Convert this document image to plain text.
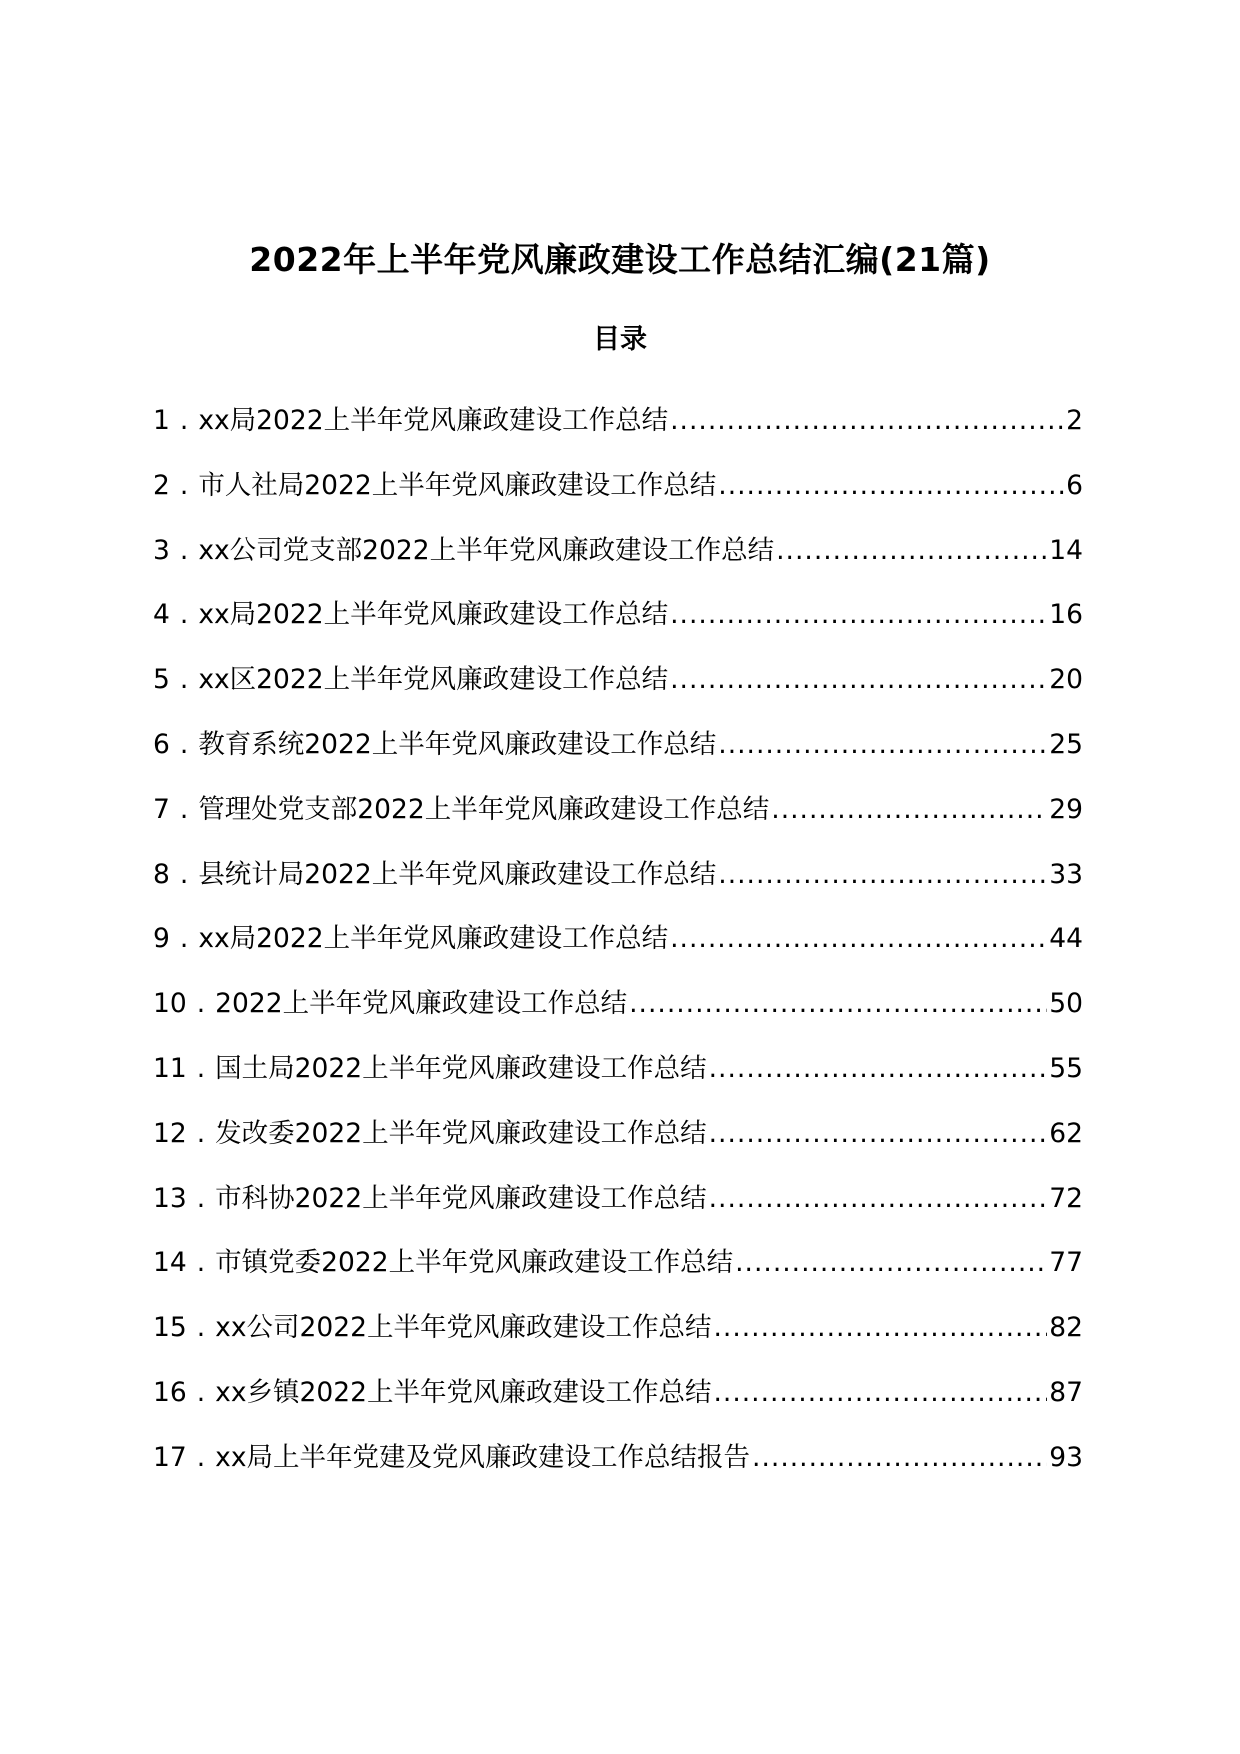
2022年上半年党风廉政建设工作总结汇编(21篇)
目录
1 . xx局2022上半年党风廉政建设工作总结 .....	2
2 . 市人社局2022上半年党风廉政建设工作总结 .....	6
3 . xx公司党支部2022上半年党风廉政建设工作总结 .....	14
4 . xx局2022上半年党风廉政建设工作总结 .....	16
5 . xx区2022上半年党风廉政建设工作总结 .....	20
6 . 教育系统2022上半年党风廉政建设工作总结 .....	25
7 . 管理处党支部2022上半年党风廉政建设工作总结 .....	29
8 . 县统计局2022上半年党风廉政建设工作总结 .....	33
9 . xx局2022上半年党风廉政建设工作总结 .....	44
10 . 2022上半年党风廉政建设工作总结 .....	50
11 . 国土局2022上半年党风廉政建设工作总结 .....	55
12 . 发改委2022上半年党风廉政建设工作总结 .....	62
13 . 市科协2022上半年党风廉政建设工作总结 .....	72
14 . 市镇党委2022上半年党风廉政建设工作总结 .....	77
15 . xx公司2022上半年党风廉政建设工作总结 .....	82
16 . xx乡镇2022上半年党风廉政建设工作总结 .....	87
17 . xx局上半年党建及党风廉政建设工作总结报告 .....	93
